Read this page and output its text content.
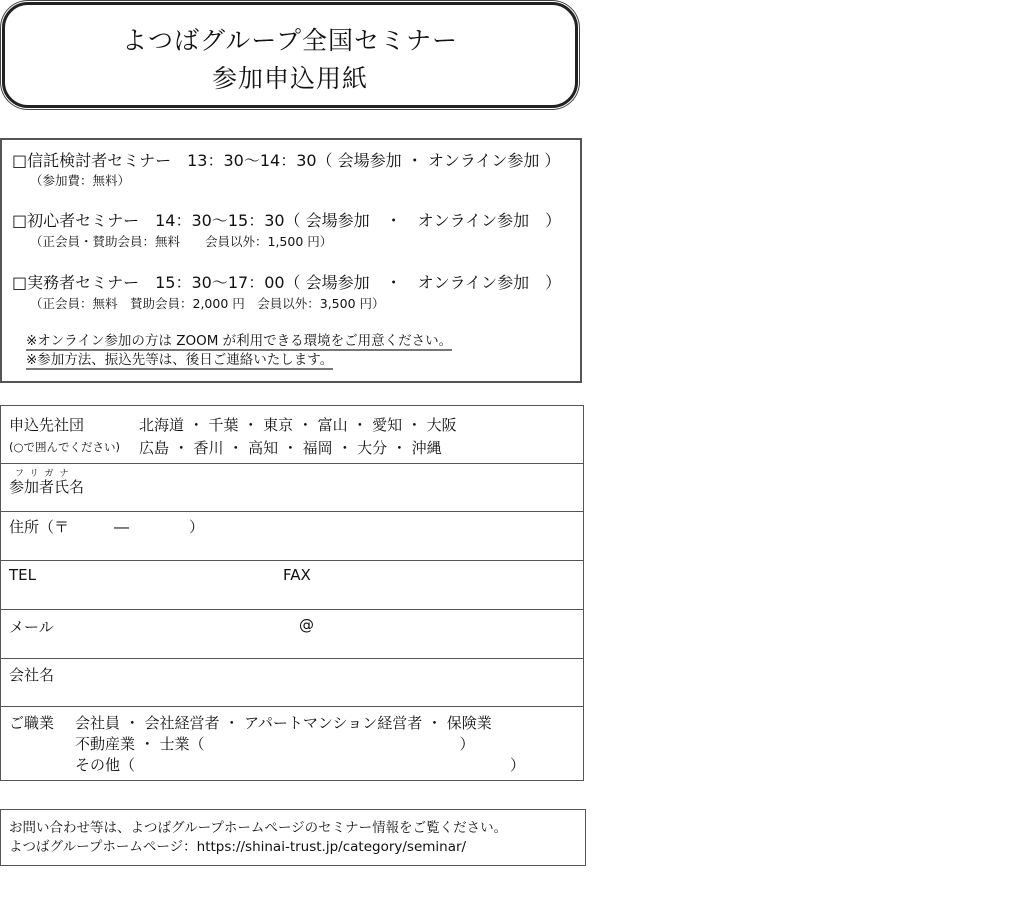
よつばグループ全国セミナー
参加申込用紙
□信託検討者セミナー　13：30～14：30（ 会場参加 ・ オンライン参加 ）
（参加費：無料）
□初心者セミナー　14：30～15：30（ 会場参加　・　オンライン参加　）
（正会員・賛助会員：無料　　会員以外：1,500 円）
□実務者セミナー　15：30～17：00（ 会場参加　・　オンライン参加　）
（正会員：無料　賛助会員：2,000 円　会員以外：3,500 円）
※オンライン参加の方は ZOOM が利用できる環境をご用意ください。
※参加方法、振込先等は、後日ご連絡いたします。
申込先社団
(○で囲んでください)
北海道 ・ 千葉 ・ 東京 ・ 富山 ・ 愛知 ・ 大阪
広島 ・ 香川 ・ 高知 ・ 福岡 ・ 大分 ・ 沖縄
フリガナ
参加者氏名
住所（〒　　　―　　　　）
TEL	FAX
メール	@
会社名
ご職業 会社員 ・ 会社経営者 ・ アパートマンション経営者 ・ 保険業
不動産業 ・ 士業（　　　　　　　　　　　　　　　　　）
その他（　　　　　　　　　　　　　　　　　　　　　　　　　）
お問い合わせ等は、よつばグループホームページのセミナー情報をご覧ください。
よつばグループホームページ：https://shinai-trust.jp/category/seminar/
